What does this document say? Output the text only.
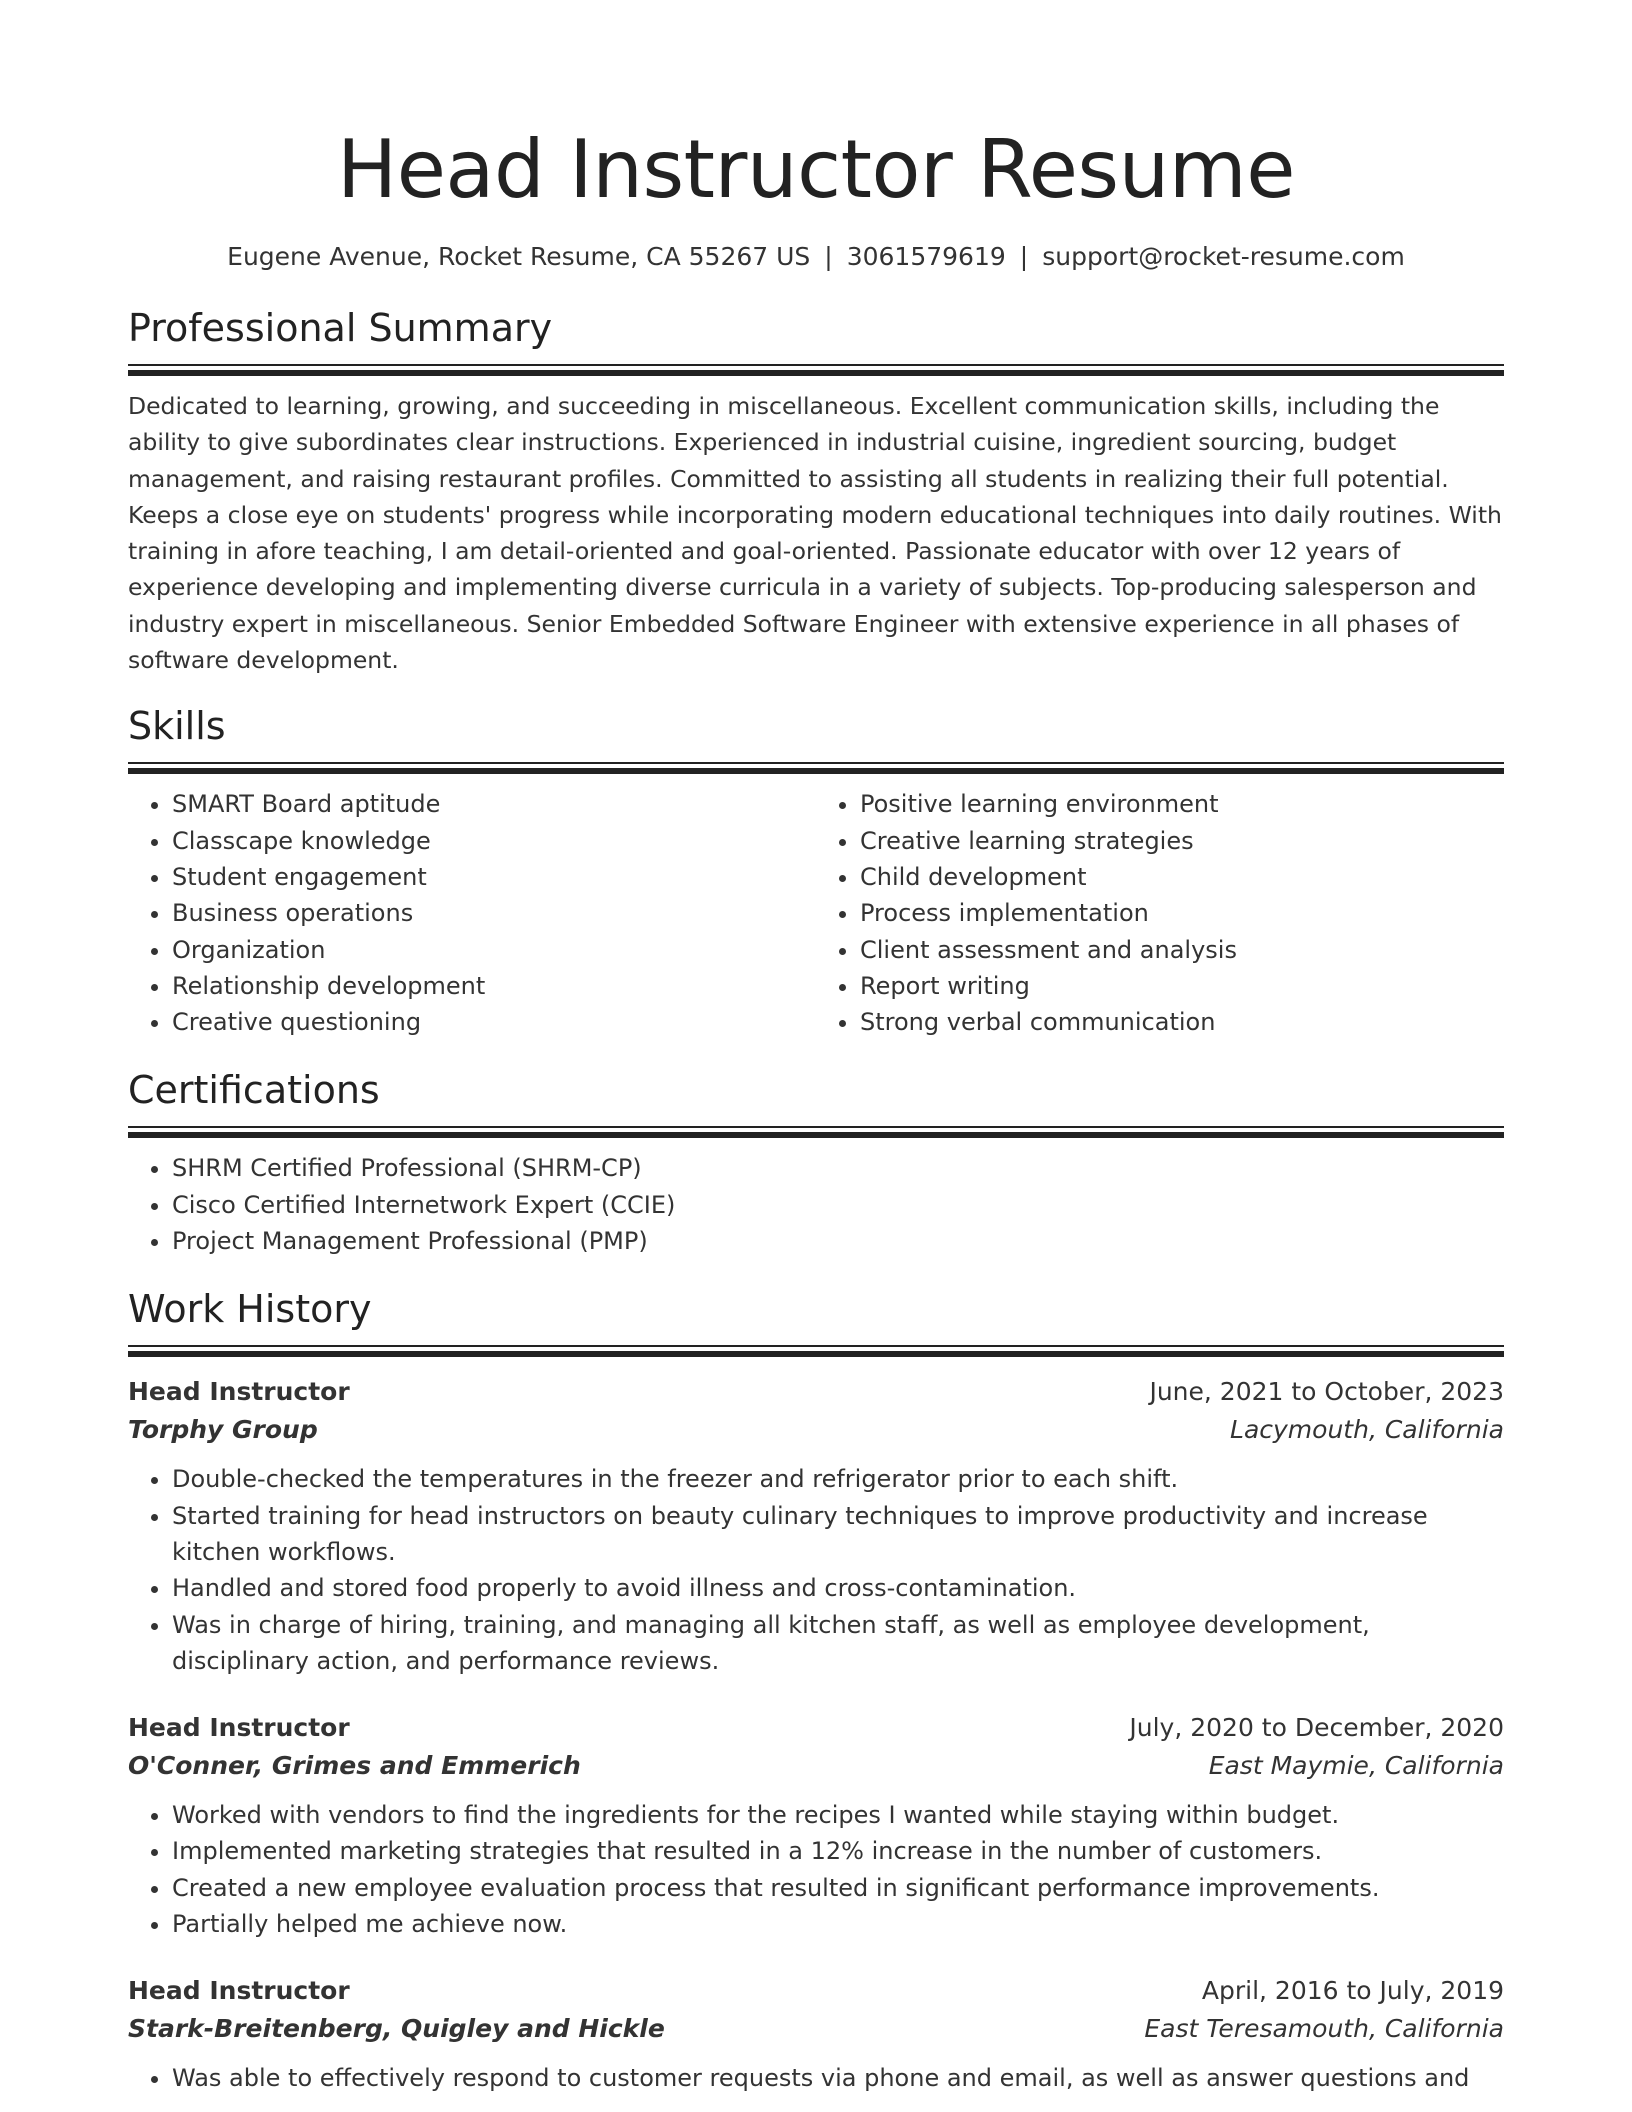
Head Instructor Resume
Eugene Avenue, Rocket Resume, CA 55267 US | 3061579619 | support@rocket-resume.com
Professional Summary

Dedicated to learning, growing, and succeeding in miscellaneous. Excellent communication skills, including the ability to give subordinates clear instructions. Experienced in industrial cuisine, ingredient sourcing, budget management, and raising restaurant profiles. Committed to assisting all students in realizing their full potential. Keeps a close eye on students' progress while incorporating modern educational techniques into daily routines. With training in afore teaching, I am detail-oriented and goal-oriented. Passionate educator with over 12 years of experience developing and implementing diverse curricula in a variety of subjects. Top-producing salesperson and industry expert in miscellaneous. Senior Embedded Software Engineer with extensive experience in all phases of software development.

Skills
• SMART Board aptitude
• Classcape knowledge
• Student engagement
• Business operations
• Organization
• Relationship development
• Creative questioning
• Positive learning environment
• Creative learning strategies
• Child development
• Process implementation
• Client assessment and analysis
• Report writing
• Strong verbal communication
Certifications
• SHRM Certified Professional (SHRM-CP)
• Cisco Certified Internetwork Expert (CCIE)
• Project Management Professional (PMP)
Work History
Head Instructor	June, 2021 to October, 2023
Torphy Group	Lacymouth, California
• Double-checked the temperatures in the freezer and refrigerator prior to each shift.
• Started training for head instructors on beauty culinary techniques to improve productivity and increase kitchen workflows.
• Handled and stored food properly to avoid illness and cross-contamination.
• Was in charge of hiring, training, and managing all kitchen staff, as well as employee development, disciplinary action, and performance reviews.
Head Instructor	July, 2020 to December, 2020
O'Conner, Grimes and Emmerich	East Maymie, California
• Worked with vendors to find the ingredients for the recipes I wanted while staying within budget.
• Implemented marketing strategies that resulted in a 12% increase in the number of customers.
• Created a new employee evaluation process that resulted in significant performance improvements.
• Partially helped me achieve now.
Head Instructor	April, 2016 to July, 2019
Stark-Breitenberg, Quigley and Hickle	East Teresamouth, California
• Was able to effectively respond to customer requests via phone and email, as well as answer questions and
